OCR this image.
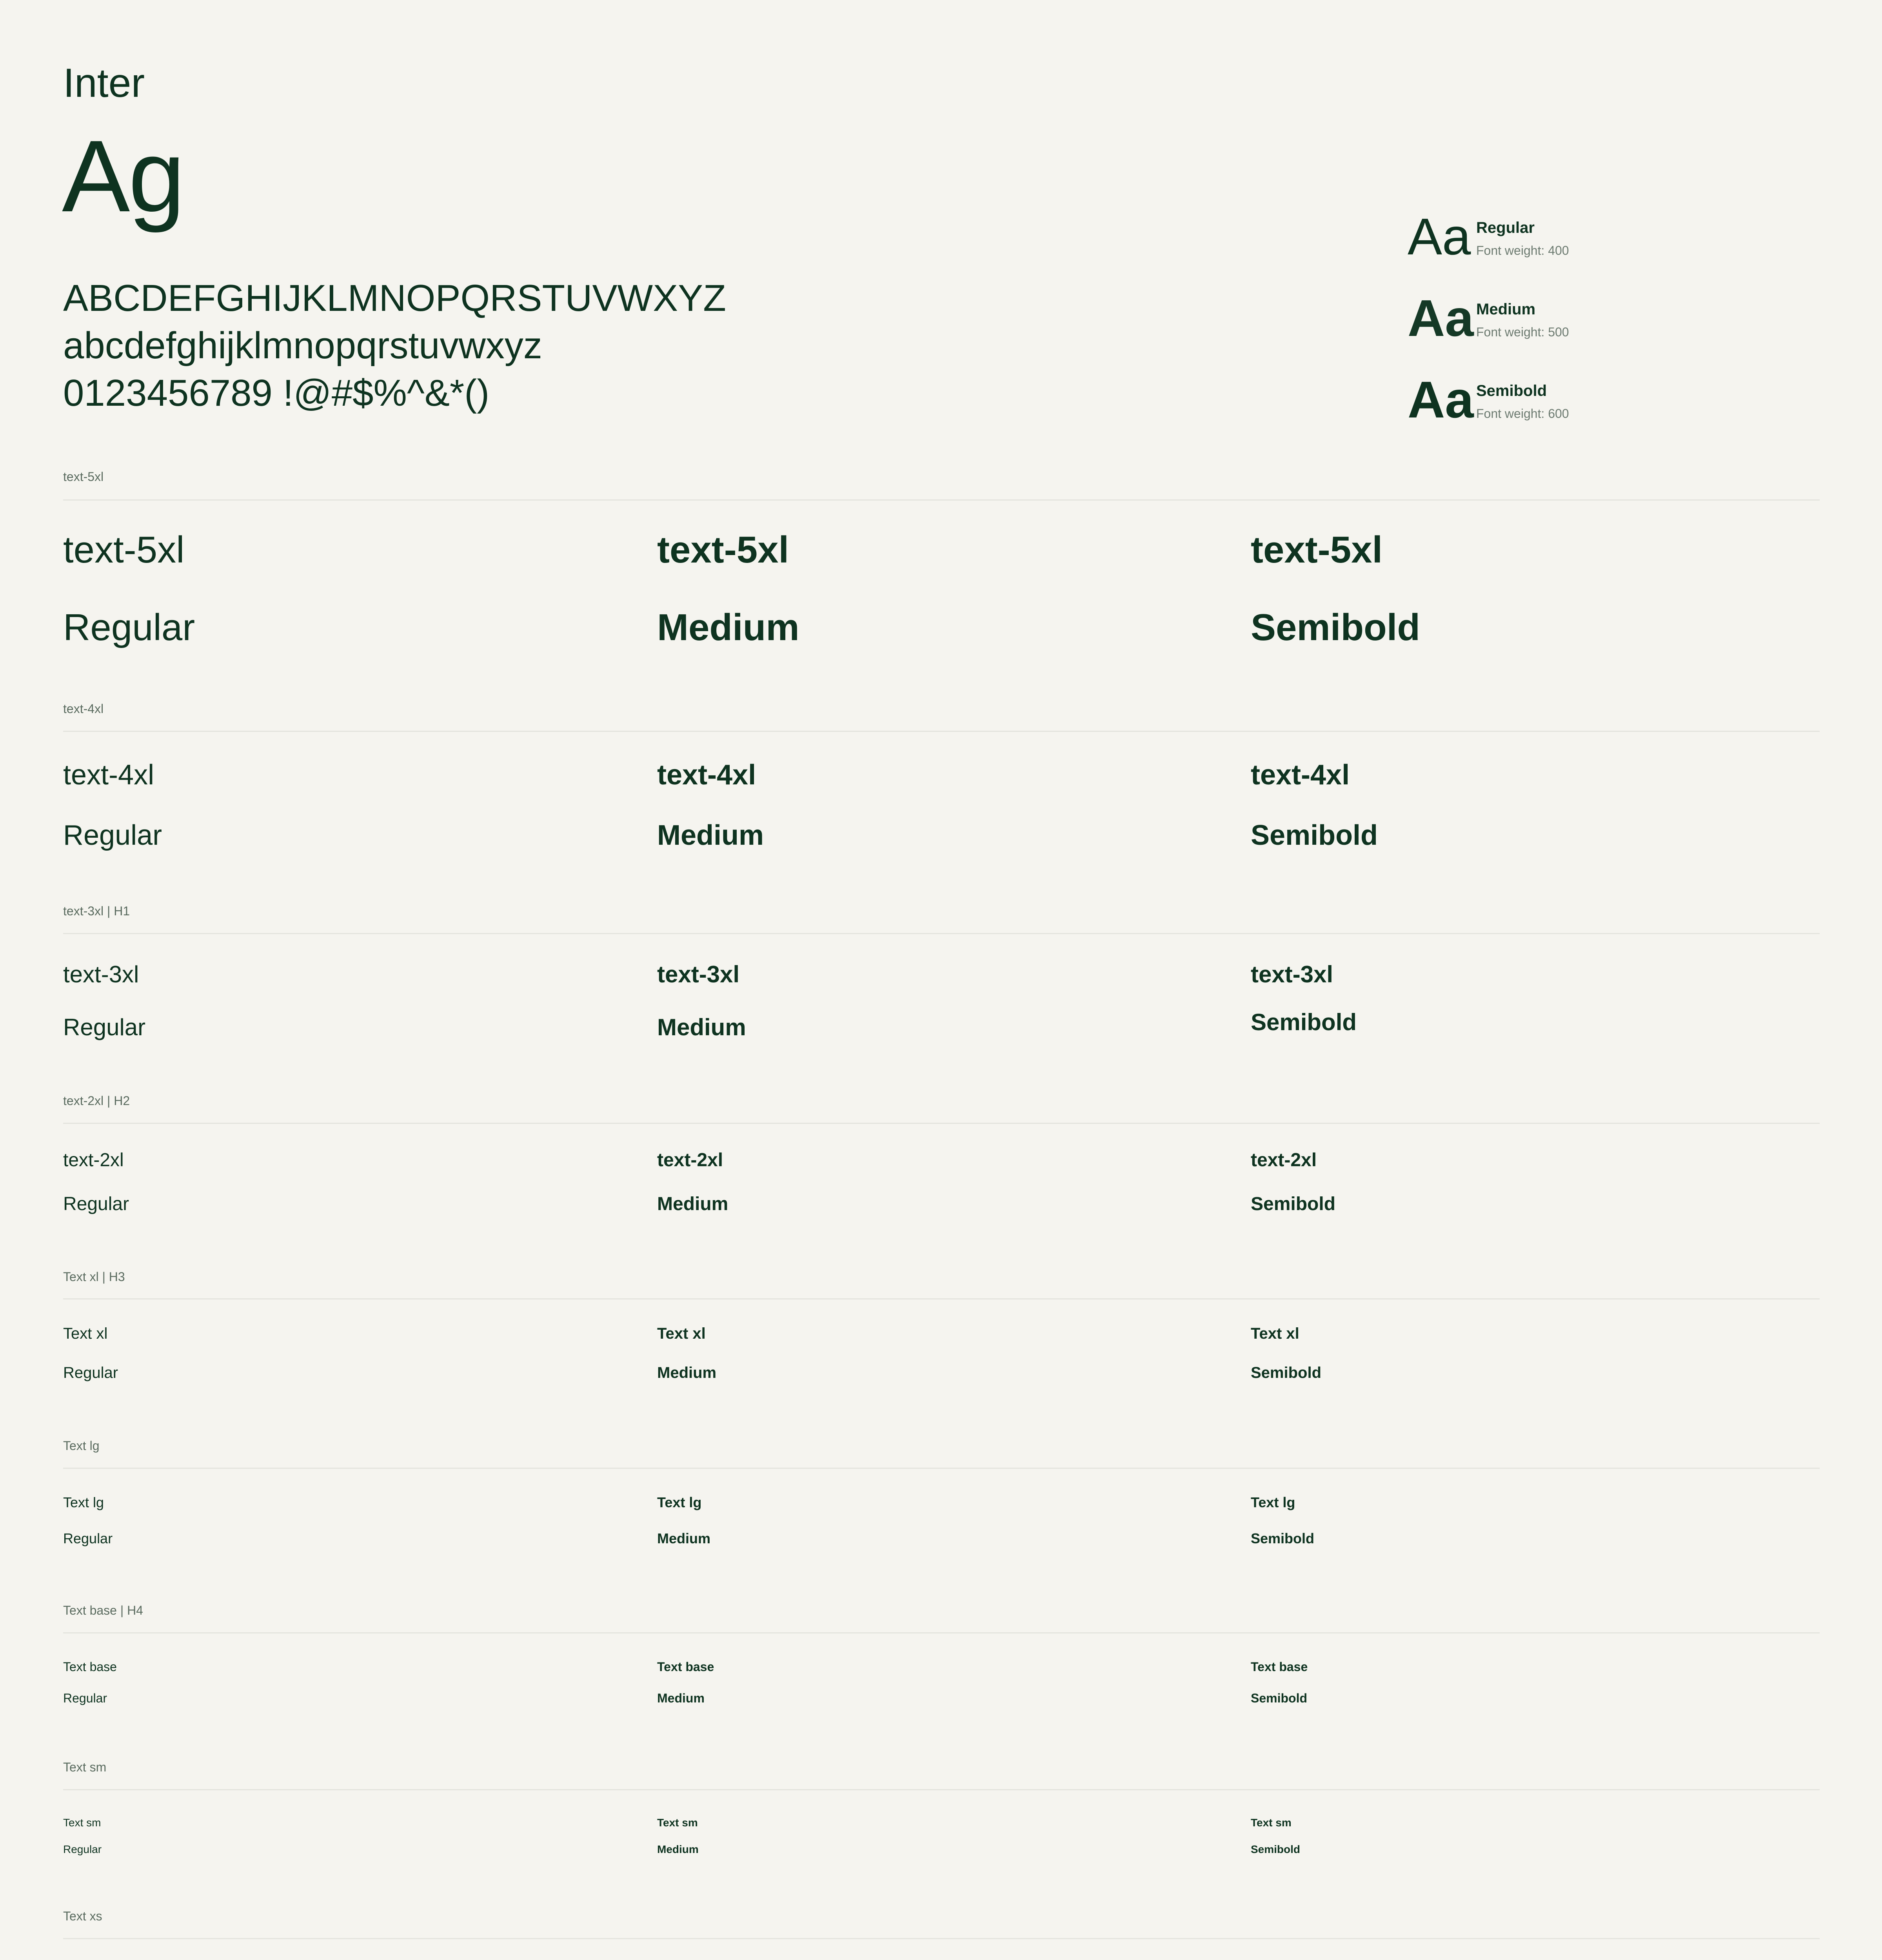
Inter
Ag
ABCDEFGHIJKLMNOPQRSTUVWXYZ
abcdefghijklmnopqrstuvwxyz
0123456789 !@#$%^&*()
Aa Regular
Font weight: 400
Aa Medium
Font weight: 500
Aa Semibold
Font weight: 600
text-5xl
text-5xl	text-5xl	text-5xl
Regular	Medium	Semibold
text-4xl
text-4xl	text-4xl	text-4xl
Regular	Medium	Semibold
text-3xl | H1
text-3xl	text-3xl	text-3xl
Regular	Medium	Semibold
text-2xl | H2
text-2xl	text-2xl	text-2xl
Regular	Medium	Semibold
Text xl | H3
Text xl	Text xl	Text xl
Regular	Medium	Semibold
Text lg
Text lg	Text lg	Text lg
Regular	Medium	Semibold
Text base | H4
Text base	Text base	Text base
Regular	Medium	Semibold
Text sm
Text sm	Text sm	Text sm
Regular	Medium	Semibold
Text xs
